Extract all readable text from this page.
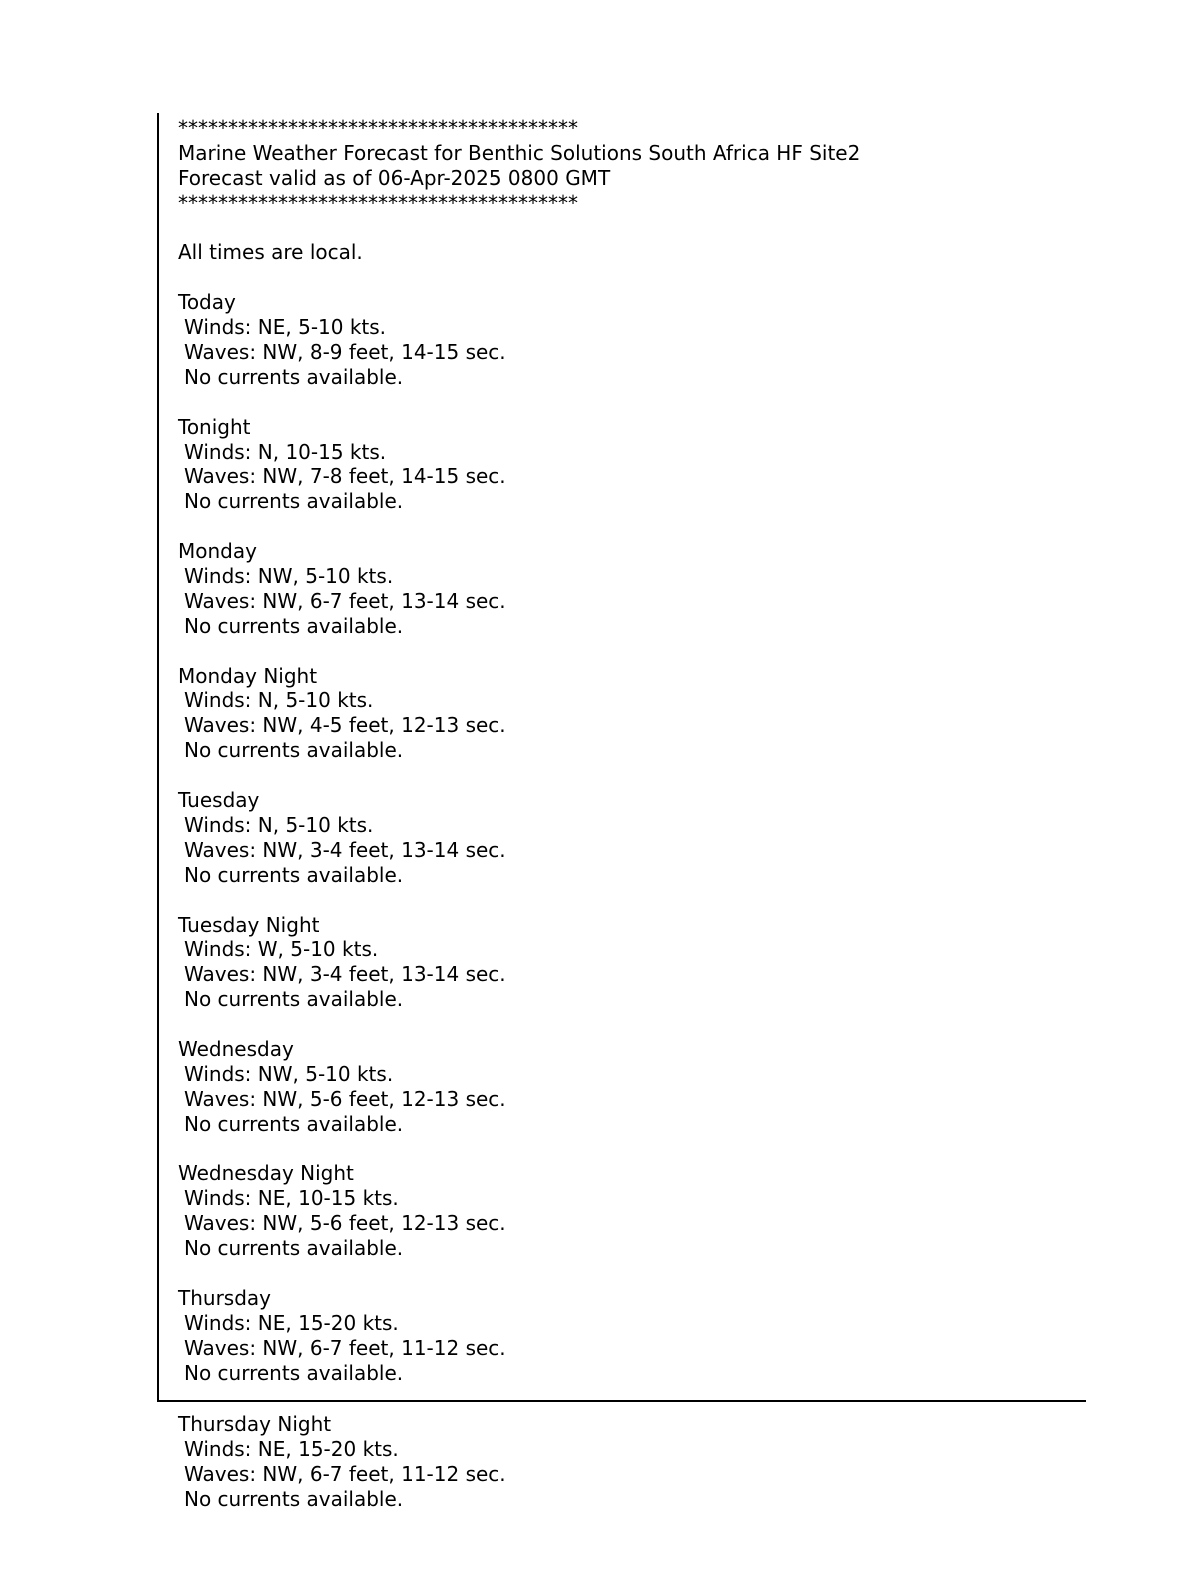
****************************************
Marine Weather Forecast for Benthic Solutions South Africa HF Site2
Forecast valid as of 06-Apr-2025 0800 GMT
****************************************
All times are local.
Today
Winds: NE, 5-10 kts.
Waves: NW, 8-9 feet, 14-15 sec.
No currents available.
Tonight
Winds: N, 10-15 kts.
Waves: NW, 7-8 feet, 14-15 sec.
No currents available.
Monday
Winds: NW, 5-10 kts.
Waves: NW, 6-7 feet, 13-14 sec.
No currents available.
Monday Night
Winds: N, 5-10 kts.
Waves: NW, 4-5 feet, 12-13 sec.
No currents available.
Tuesday
Winds: N, 5-10 kts.
Waves: NW, 3-4 feet, 13-14 sec.
No currents available.
Tuesday Night
Winds: W, 5-10 kts.
Waves: NW, 3-4 feet, 13-14 sec.
No currents available.
Wednesday
Winds: NW, 5-10 kts.
Waves: NW, 5-6 feet, 12-13 sec.
No currents available.
Wednesday Night
Winds: NE, 10-15 kts.
Waves: NW, 5-6 feet, 12-13 sec.
No currents available.
Thursday
Winds: NE, 15-20 kts.
Waves: NW, 6-7 feet, 11-12 sec.
No currents available.
Thursday Night
Winds: NE, 15-20 kts.
Waves: NW, 6-7 feet, 11-12 sec.
No currents available.
